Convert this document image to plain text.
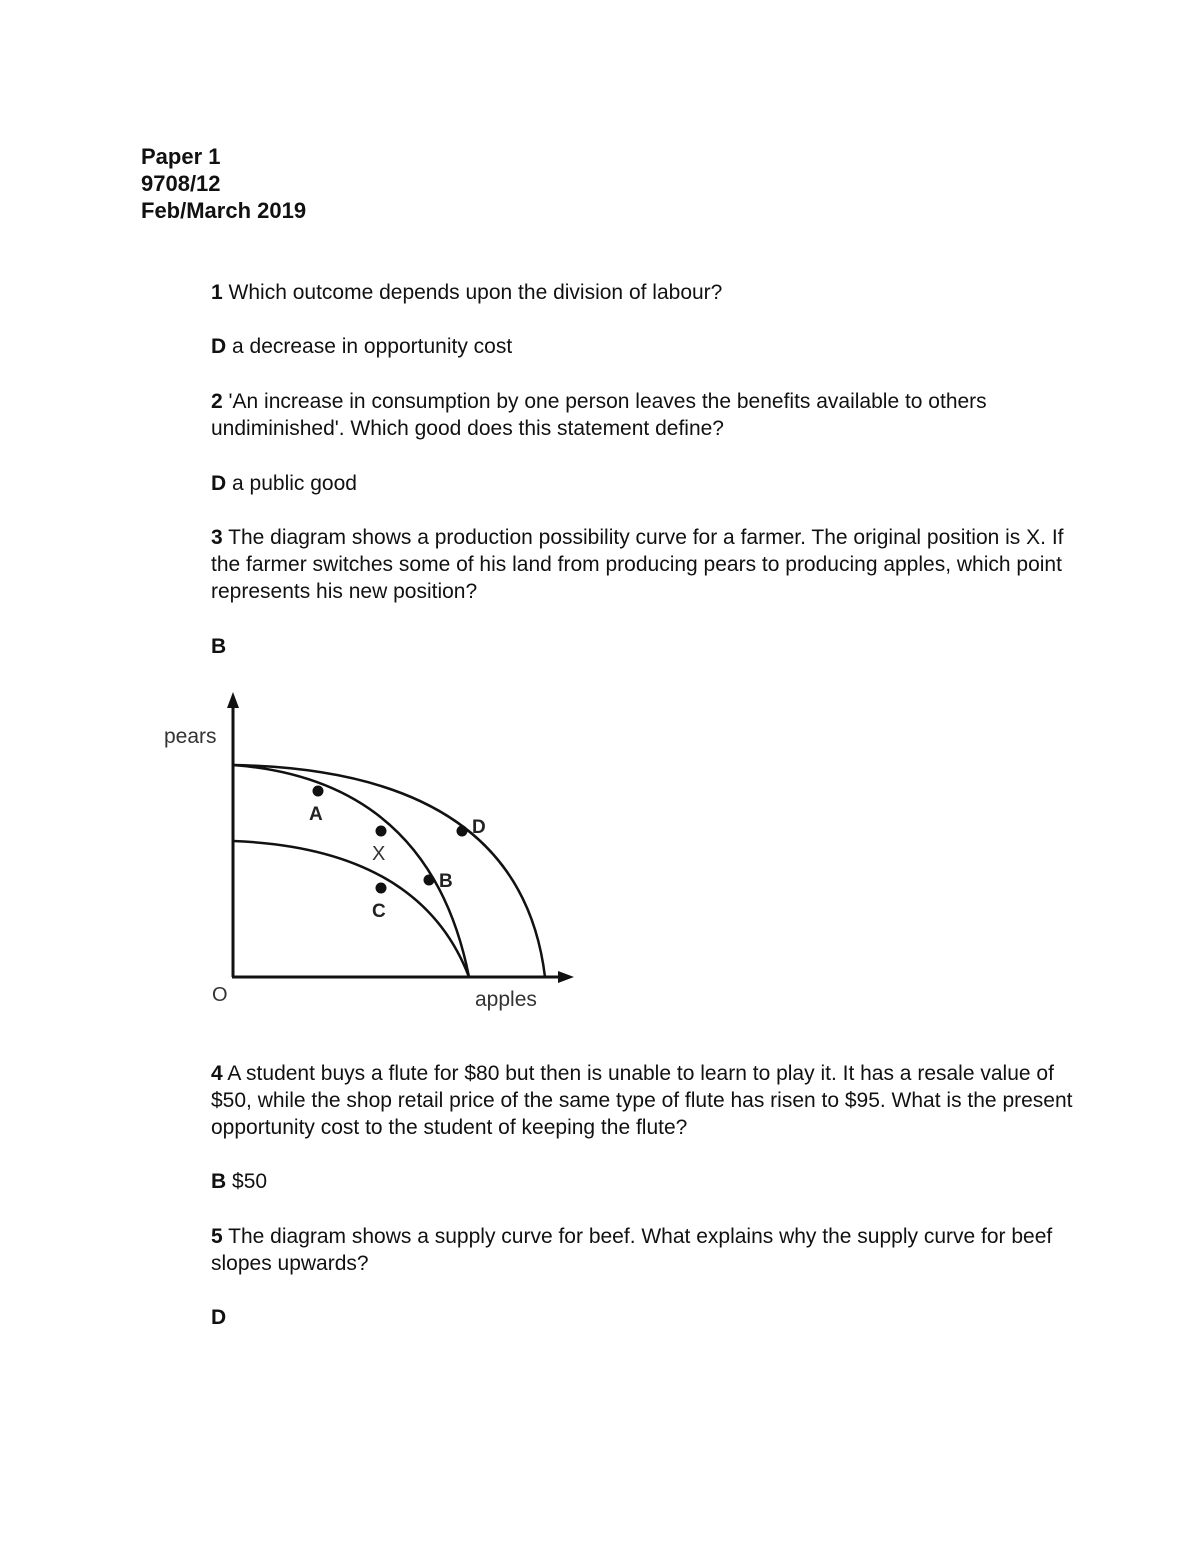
Paper 1

9708/12

Feb/March 2019

1 Which outcome depends upon the division of labour?

D a decrease in opportunity cost

2 'An increase in consumption by one person leaves the benefits available to others undiminished'. Which good does this statement define?

D a public good

3 The diagram shows a production possibility curve for a farmer. The original position is X. If the farmer switches some of his land from producing pears to producing apples, which point represents his new position?

B

pears
apples
O
A
X
B
C
D

4 A student buys a flute for $80 but then is unable to learn to play it. It has a resale value of $50, while the shop retail price of the same type of flute has risen to $95. What is the present opportunity cost to the student of keeping the flute?

B $50

5 The diagram shows a supply curve for beef. What explains why the supply curve for beef slopes upwards?

D
